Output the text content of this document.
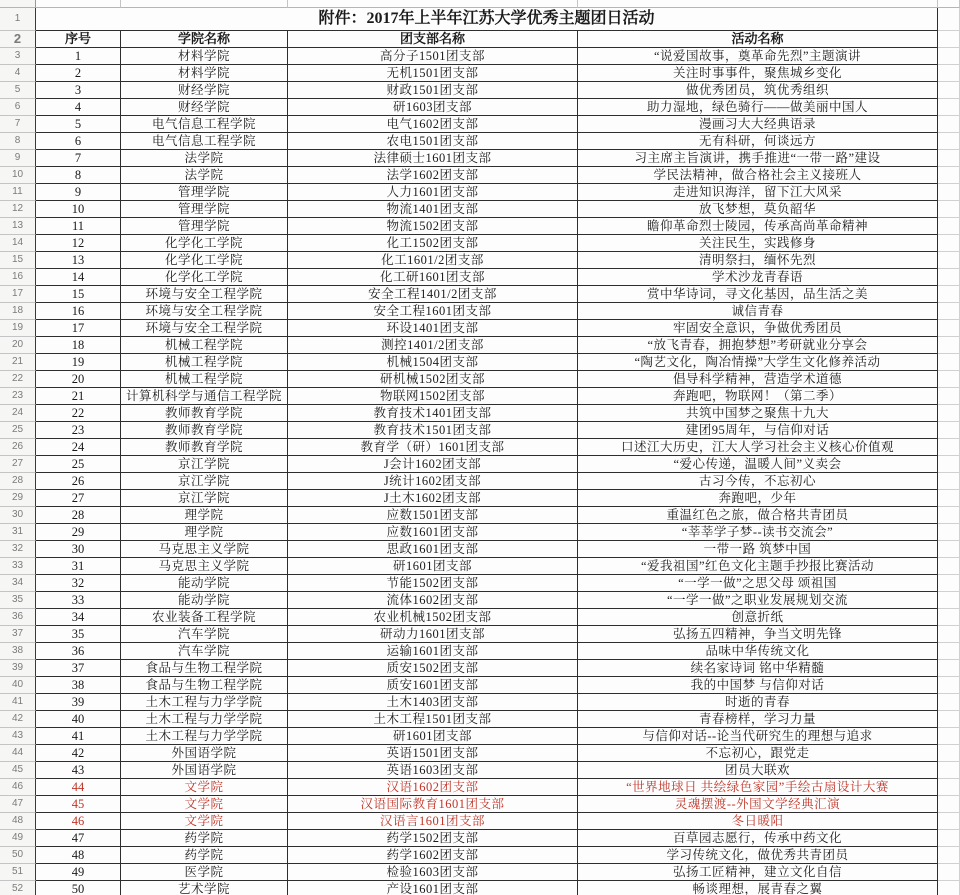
1	附件：2017年上半年江苏大学优秀主题团日活动
2	序号	学院名称	团支部名称	活动名称
3	1	材料学院	高分子1501团支部	“说爱国故事，奠革命先烈”主题演讲
4	2	材料学院	无机1501团支部	关注时事事件，聚焦城乡变化
5	3	财经学院	财政1501团支部	做优秀团员，筑优秀组织
6	4	财经学院	研1603团支部	助力湿地，绿色骑行——做美丽中国人
7	5	电气信息工程学院	电气1602团支部	漫画习大大经典语录
8	6	电气信息工程学院	农电1501团支部	无有科研，何谈远方
9	7	法学院	法律硕士1601团支部	习主席主旨演讲，携手推进“一带一路”建设
10	8	法学院	法学1602团支部	学民法精神，做合格社会主义接班人
11	9	管理学院	人力1601团支部	走进知识海洋，留下江大风采
12	10	管理学院	物流1401团支部	放飞梦想，莫负韶华
13	11	管理学院	物流1502团支部	瞻仰革命烈士陵园，传承高尚革命精神
14	12	化学化工学院	化工1502团支部	关注民生，实践修身
15	13	化学化工学院	化工1601/2团支部	清明祭扫，缅怀先烈
16	14	化学化工学院	化工研1601团支部	学术沙龙青春语
17	15	环境与安全工程学院	安全工程1401/2团支部	赏中华诗词，寻文化基因，品生活之美
18	16	环境与安全工程学院	安全工程1601团支部	诚信青春
19	17	环境与安全工程学院	环设1401团支部	牢固安全意识，争做优秀团员
20	18	机械工程学院	测控1401/2团支部	“放飞青春，拥抱梦想”考研就业分享会
21	19	机械工程学院	机械1504团支部	“陶艺文化，陶冶情操”大学生文化修养活动
22	20	机械工程学院	研机械1502团支部	倡导科学精神，营造学术道德
23	21	计算机科学与通信工程学院	物联网1502团支部	奔跑吧，物联网！（第二季）
24	22	教师教育学院	教育技术1401团支部	共筑中国梦之聚焦十九大
25	23	教师教育学院	教育技术1501团支部	建团95周年，与信仰对话
26	24	教师教育学院	教育学（研）1601团支部	口述江大历史，江大人学习社会主义核心价值观
27	25	京江学院	J会计1602团支部	“爱心传递，温暖人间”义卖会
28	26	京江学院	J统计1602团支部	古习今传，不忘初心
29	27	京江学院	J土木1602团支部	奔跑吧，少年
30	28	理学院	应数1501团支部	重温红色之旅，做合格共青团员
31	29	理学院	应数1601团支部	“莘莘学子梦--读书交流会”
32	30	马克思主义学院	思政1601团支部	一带一路 筑梦中国
33	31	马克思主义学院	研1601团支部	“爱我祖国”红色文化主题手抄报比赛活动
34	32	能动学院	节能1502团支部	“一学一做”之思父母 颂祖国
35	33	能动学院	流体1602团支部	“一学一做”之职业发展规划交流
36	34	农业装备工程学院	农业机械1502团支部	创意折纸
37	35	汽车学院	研动力1601团支部	弘扬五四精神，争当文明先锋
38	36	汽车学院	运输1601团支部	品味中华传统文化
39	37	食品与生物工程学院	质安1502团支部	续名家诗词 铭中华精髓
40	38	食品与生物工程学院	质安1601团支部	我的中国梦 与信仰对话
41	39	土木工程与力学学院	土木1403团支部	时逝的青春
42	40	土木工程与力学学院	土木工程1501团支部	青春榜样，学习力量
43	41	土木工程与力学学院	研1601团支部	与信仰对话--论当代研究生的理想与追求
44	42	外国语学院	英语1501团支部	不忘初心，跟党走
45	43	外国语学院	英语1603团支部	团员大联欢
46	44	文学院	汉语1602团支部	“世界地球日 共绘绿色家园”手绘古扇设计大赛
47	45	文学院	汉语国际教育1601团支部	灵魂摆渡--外国文学经典汇演
48	46	文学院	汉语言1601团支部	冬日暖阳
49	47	药学院	药学1502团支部	百草园志愿行，传承中药文化
50	48	药学院	药学1602团支部	学习传统文化，做优秀共青团员
51	49	医学院	检验1603团支部	弘扬工匠精神，建立文化自信
52	50	艺术学院	产设1601团支部	畅谈理想，展青春之翼
